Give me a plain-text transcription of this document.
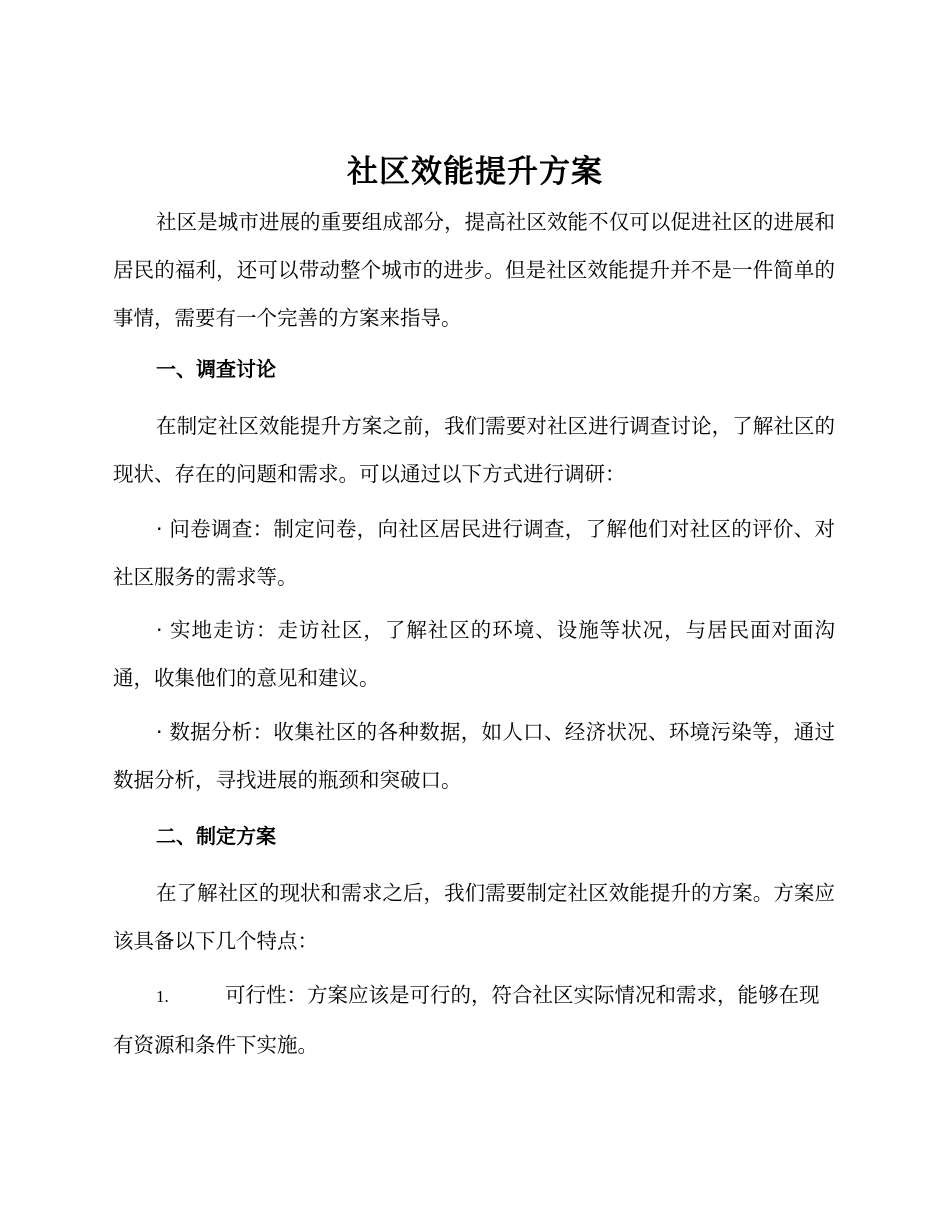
社区效能提升方案

社区是城市进展的重要组成部分，提高社区效能不仅可以促进社区的进展和居民的福利，还可以带动整个城市的进步。但是社区效能提升并不是一件简单的事情，需要有一个完善的方案来指导。

一、调查讨论

在制定社区效能提升方案之前，我们需要对社区进行调查讨论，了解社区的现状、存在的问题和需求。可以通过以下方式进行调研：

· 问卷调查：制定问卷，向社区居民进行调查，了解他们对社区的评价、对社区服务的需求等。

· 实地走访：走访社区，了解社区的环境、设施等状况，与居民面对面沟通，收集他们的意见和建议。

· 数据分析：收集社区的各种数据，如人口、经济状况、环境污染等，通过数据分析，寻找进展的瓶颈和突破口。

二、制定方案

在了解社区的现状和需求之后，我们需要制定社区效能提升的方案。方案应该具备以下几个特点：

1.	可行性：方案应该是可行的，符合社区实际情况和需求，能够在现有资源和条件下实施。
